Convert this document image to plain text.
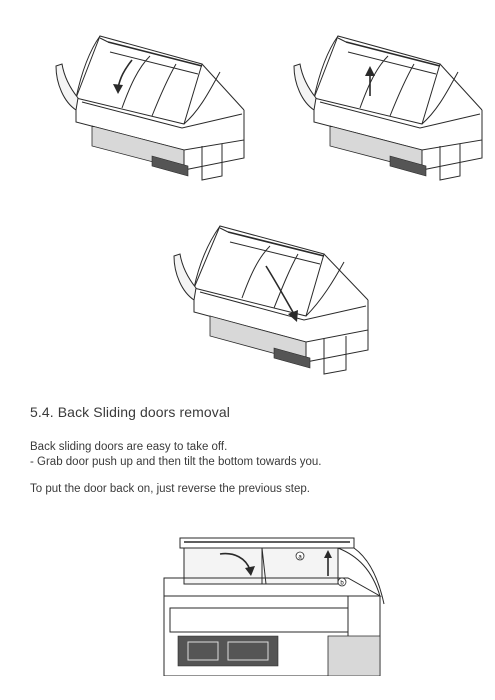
5.4. Back Sliding doors removal
Back sliding doors are easy to take off.
- Grab door push up and then tilt the bottom towards you.
To put the door back on, just reverse the previous step.
a
b
